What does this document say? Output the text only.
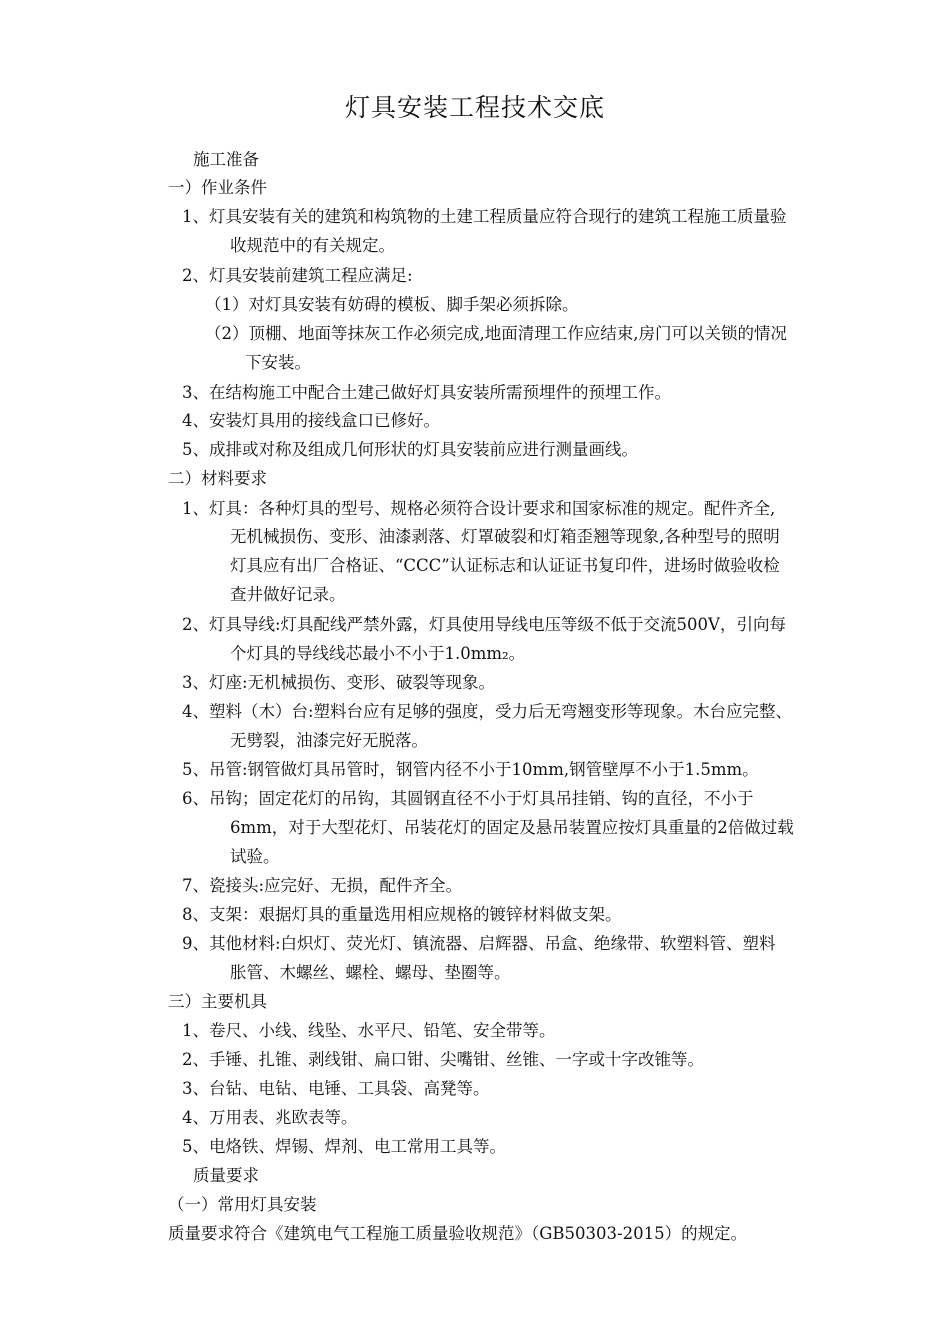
灯具安装工程技术交底
施工准备
一）作业条件
1、灯具安装有关的建筑和构筑物的土建工程质量应符合现行的建筑工程施工质量验
收规范中的有关规定。
2、灯具安装前建筑工程应满足:
（1）对灯具安装有妨碍的模板、脚手架必须拆除。
（2）顶棚、地面等抹灰工作必须完成,地面清理工作应结束,房门可以关锁的情况
下安装。
3、在结构施工中配合土建己做好灯具安装所需预埋件的预埋工作。
4、安装灯具用的接线盒口已修好。
5、成排或对称及组成几何形状的灯具安装前应进行测量画线。
二）材料要求
1、灯具：各种灯具的型号、规格必须符合设计要求和国家标准的规定。配件齐全,
无机械损伤、变形、油漆剥落、灯罩破裂和灯箱歪翘等现象,各种型号的照明
灯具应有出厂合格证、“CCC”认证标志和认证证书复印件，进场时做验收检
查井做好记录。
2、灯具导线:灯具配线严禁外露，灯具使用导线电压等级不低于交流500V，引向每
个灯具的导线线芯最小不小于1.0mm₂。
3、灯座:无机械损伤、变形、破裂等现象。
4、塑料（木）台:塑料台应有足够的强度，受力后无弯翘变形等现象。木台应完整、
无劈裂，油漆完好无脱落。
5、吊管:钢管做灯具吊管时，钢管内径不小于10mm,钢管壁厚不小于1.5mm。
6、吊钩；固定花灯的吊钩，其圆钢直径不小于灯具吊挂销、钩的直径，不小于
6mm，对于大型花灯、吊装花灯的固定及悬吊装置应按灯具重量的2倍做过载
试验。
7、瓷接头:应完好、无损，配件齐全。
8、支架：艰据灯具的重量选用相应规格的镀锌材料做支架。
9、其他材料:白炽灯、荧光灯、镇流器、启辉器、吊盒、绝缘带、软塑料管、塑料
胀管、木螺丝、螺栓、螺母、垫圈等。
三）主要机具
1、卷尺、小线、线坠、水平尺、铅笔、安全带等。
2、手锤、扎锥、剥线钳、扁口钳、尖嘴钳、丝锥、一字或十字改锥等。
3、台钻、电钻、电锤、工具袋、高凳等。
4、万用表、兆欧表等。
5、电烙铁、焊锡、焊剂、电工常用工具等。
质量要求
（一）常用灯具安装
质量要求符合《建筑电气工程施工质量验收规范》（GB50303-2015）的规定。
